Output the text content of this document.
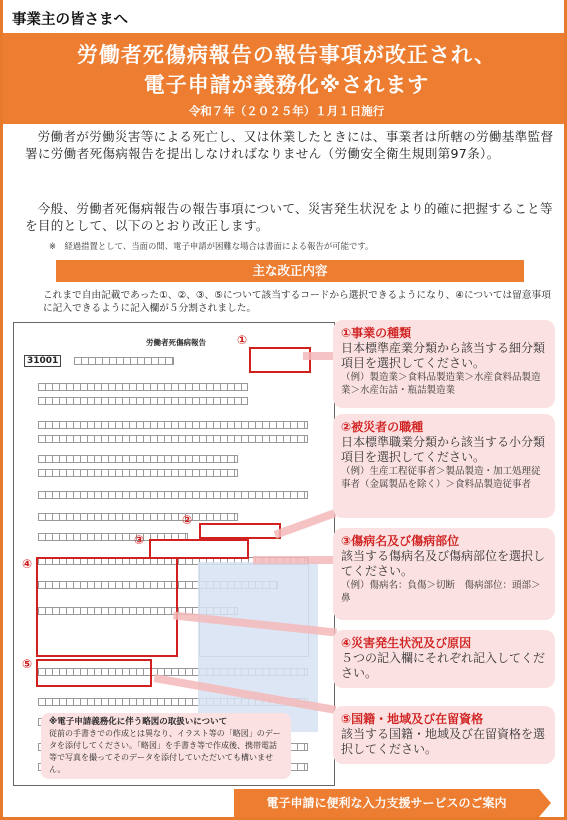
事業主の皆さまへ
労働者死傷病報告の報告事項が改正され、
電子申請が義務化※されます
令和７年（２０２５年）１月１日施行
労働者が労働災害等による死亡し、又は休業したときには、事業者は所轄の労働基準監督署に労働者死傷病報告を提出しなければなりません（労働安全衛生規則第97条）。
今般、労働者死傷病報告の報告事項について、災害発生状況をより的確に把握すること等を目的として、以下のとおり改正します。
※　経過措置として、当面の間、電子申請が困難な場合は書面による報告が可能です。
主な改正内容
これまで自由記載であった①、②、③、⑤について該当するコードから選択できるようになり、④については留意事項に記入できるように記入欄が５分割されました。
労働者死傷病報告
31001
①
②
③
④
⑤
①事業の種類
日本標準産業分類から該当する細分類項目を選択してください。
（例）製造業＞食料品製造業＞水産食料品製造業＞水産缶詰・瓶詰製造業
②被災者の職種
日本標準職業分類から該当する小分類項目を選択してください。
（例）生産工程従事者＞製品製造・加工処理従事者（金属製品を除く）＞食料品製造従事者
③傷病名及び傷病部位
該当する傷病名及び傷病部位を選択してください。
（例）傷病名：負傷＞切断　傷病部位：頭部＞鼻
④災害発生状況及び原因
５つの記入欄にそれぞれ記入してください。
⑤国籍・地域及び在留資格
該当する国籍・地域及び在留資格を選択してください。
※電子申請義務化に伴う略図の取扱いについて
従前の手書きでの作成とは異なり、イラスト等の「略図」のデータを添付してください。「略図」を手書き等で作成後、携帯電話等で写真を撮ってそのデータを添付していただいても構いません。
電子申請に便利な入力支援サービスのご案内
